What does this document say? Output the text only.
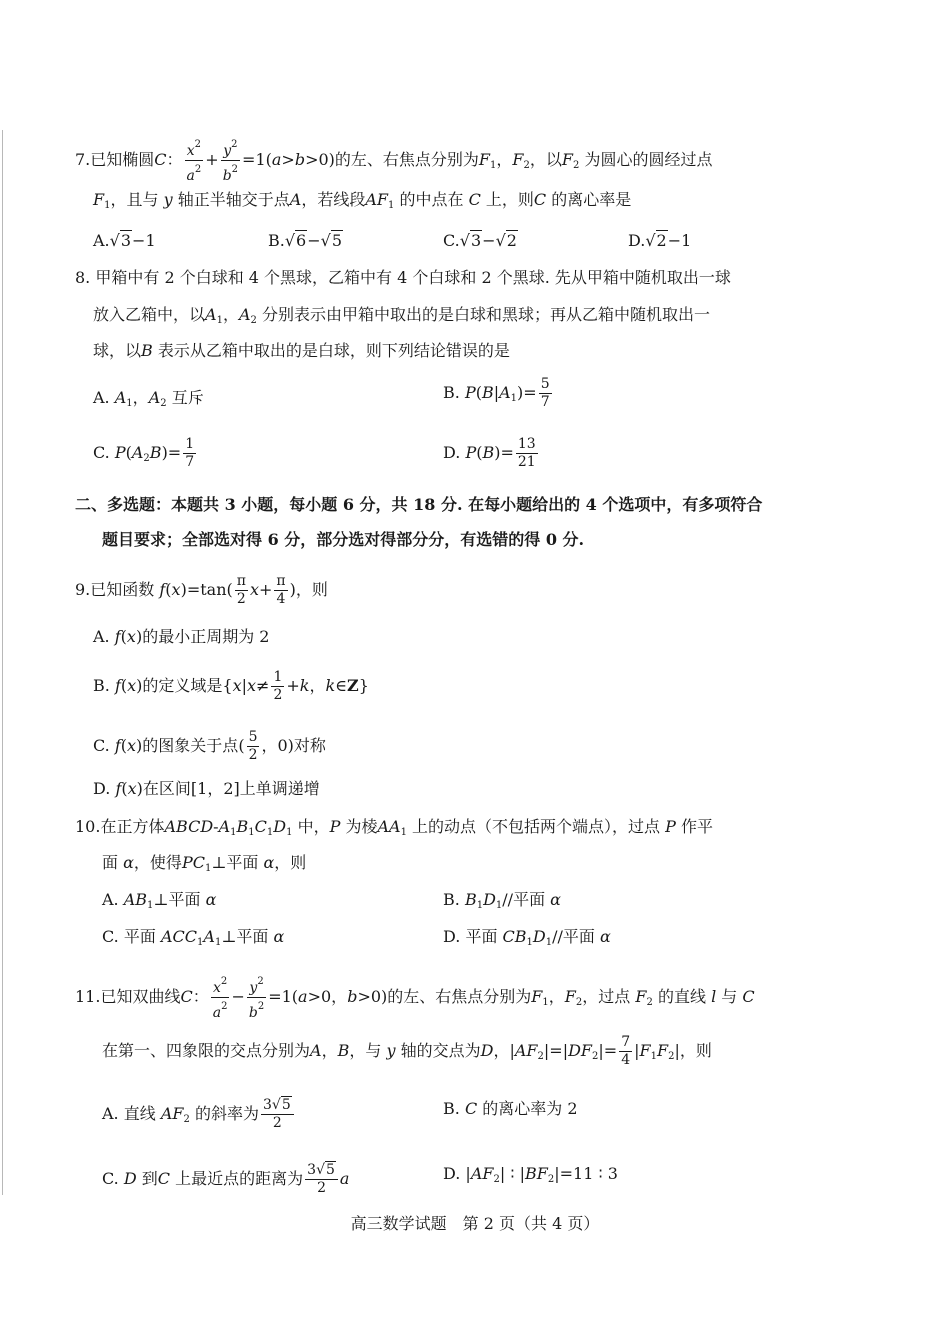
7.已知椭圆C： $\frac{x^2}{a^2} + \frac{y^2}{b^2} =1(a>b>0)$的左、右焦点分别为$F_1$，$F_2$，以$F_2$ 为圆心的圆经过点
$F_1$，且与 y 轴正半轴交于点A，若线段$AF_1$ 的中点在 C 上，则C 的离心率是
A.√3−1	B.√6−√5	C.√3−√2	D.√2−1
8. 甲箱中有 2 个白球和 4 个黑球，乙箱中有 4 个白球和 2 个黑球. 先从甲箱中随机取出一球
放入乙箱中，以$A_1$，$A_2$ 分别表示由甲箱中取出的是白球和黑球；再从乙箱中随机取出一
球，以B 表示从乙箱中取出的是白球，则下列结论错误的是
A. $A_1$，$A_2$ 互斥	B. $P(B|A_1)= \frac{5}{7}$
C. $P(A_2B)= \frac{1}{7}$	D. $P(B)= \frac{13}{21}$
二、多选题：本题共 3 小题，每小题 6 分，共 18 分. 在每小题给出的 4 个选项中，有多项符合
题目要求；全部选对得 6 分，部分选对得部分分，有选错的得 0 分.
9.已知函数 $f(x)=\tan( \frac{\pi}{2} x+ \frac{\pi}{4}$ )，则
A. f(x)的最小正周期为 2
B. f(x)的定义域是{$x|x\ne \frac{1}{2} +k$，k∈Z}
C. f(x)的图象关于点( $\frac{5}{2}$ ，0)对称
D. f(x)在区间[1，2]上单调递增
10.在正方体ABCD-$A_1B_1C_1D_1$ 中，P 为棱$AA_1$ 上的动点（不包括两个端点），过点 P 作平
面 α，使得$PC_1\perp$平面 α，则
A. $AB_1\perp$平面 α	B. $B_1D_1//$平面 α
C. 平面 $ACC_1A_1\perp$平面 α	D. 平面 $CB_1D_1//$平面 α
11.已知双曲线C： $\frac{x^2}{a^2} - \frac{y^2}{b^2} =1(a>0$，b>0)的左、右焦点分别为$F_1$，$F_2$，过点 $F_2$ 的直线 l 与 C
在第一、四象限的交点分别为A，B，与 y 轴的交点为D，$|AF_2|=|DF_2|= \frac{7}{4} |F_1F_2|$，则
A. 直线 $AF_2$ 的斜率为 $\frac{3√5}{2}$	B. C 的离心率为 2
C. D 到C 上最近点的距离为 $\frac{3√5}{2}$ a	D. $|AF_2|$ ∶ $|BF_2|=11$ ∶ 3
高三数学试题　第 2 页（共 4 页）
